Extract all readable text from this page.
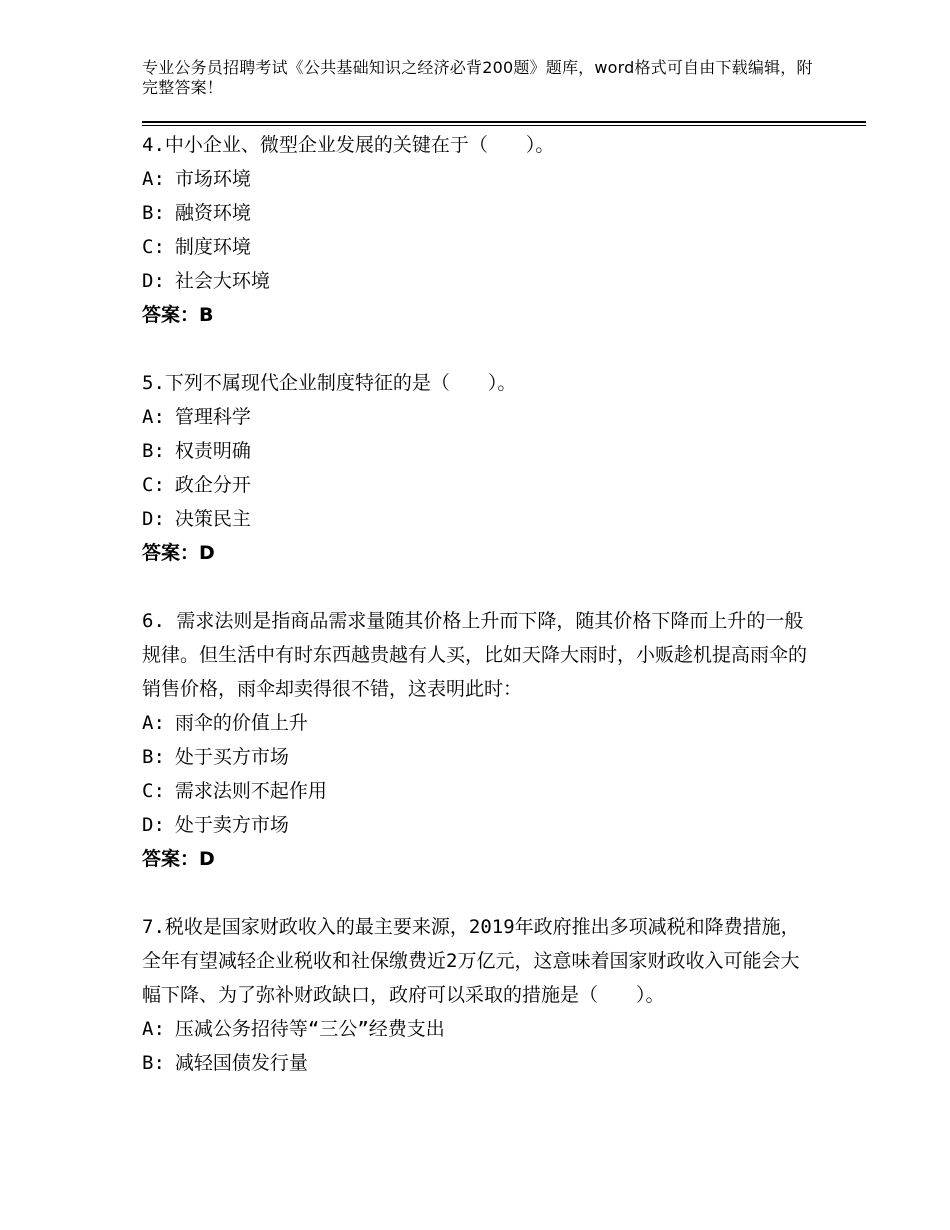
专业公务员招聘考试《公共基础知识之经济必背200题》题库，word格式可自由下载编辑，附完整答案！

4.中小企业、微型企业发展的关键在于（　　）。

A: 市场环境

B: 融资环境

C: 制度环境

D: 社会大环境

答案：B

5.下列不属现代企业制度特征的是（　　）。

A: 管理科学

B: 权责明确

C: 政企分开

D: 决策民主

答案：D

6. 需求法则是指商品需求量随其价格上升而下降，随其价格下降而上升的一般规律。但生活中有时东西越贵越有人买，比如天降大雨时，小贩趁机提高雨伞的销售价格，雨伞却卖得很不错，这表明此时：

A: 雨伞的价值上升

B: 处于买方市场

C: 需求法则不起作用

D: 处于卖方市场

答案：D

7.税收是国家财政收入的最主要来源，2019年政府推出多项减税和降费措施，全年有望减轻企业税收和社保缴费近2万亿元，这意味着国家财政收入可能会大幅下降、为了弥补财政缺口，政府可以采取的措施是（　　）。

A: 压减公务招待等“三公”经费支出

B: 减轻国债发行量
